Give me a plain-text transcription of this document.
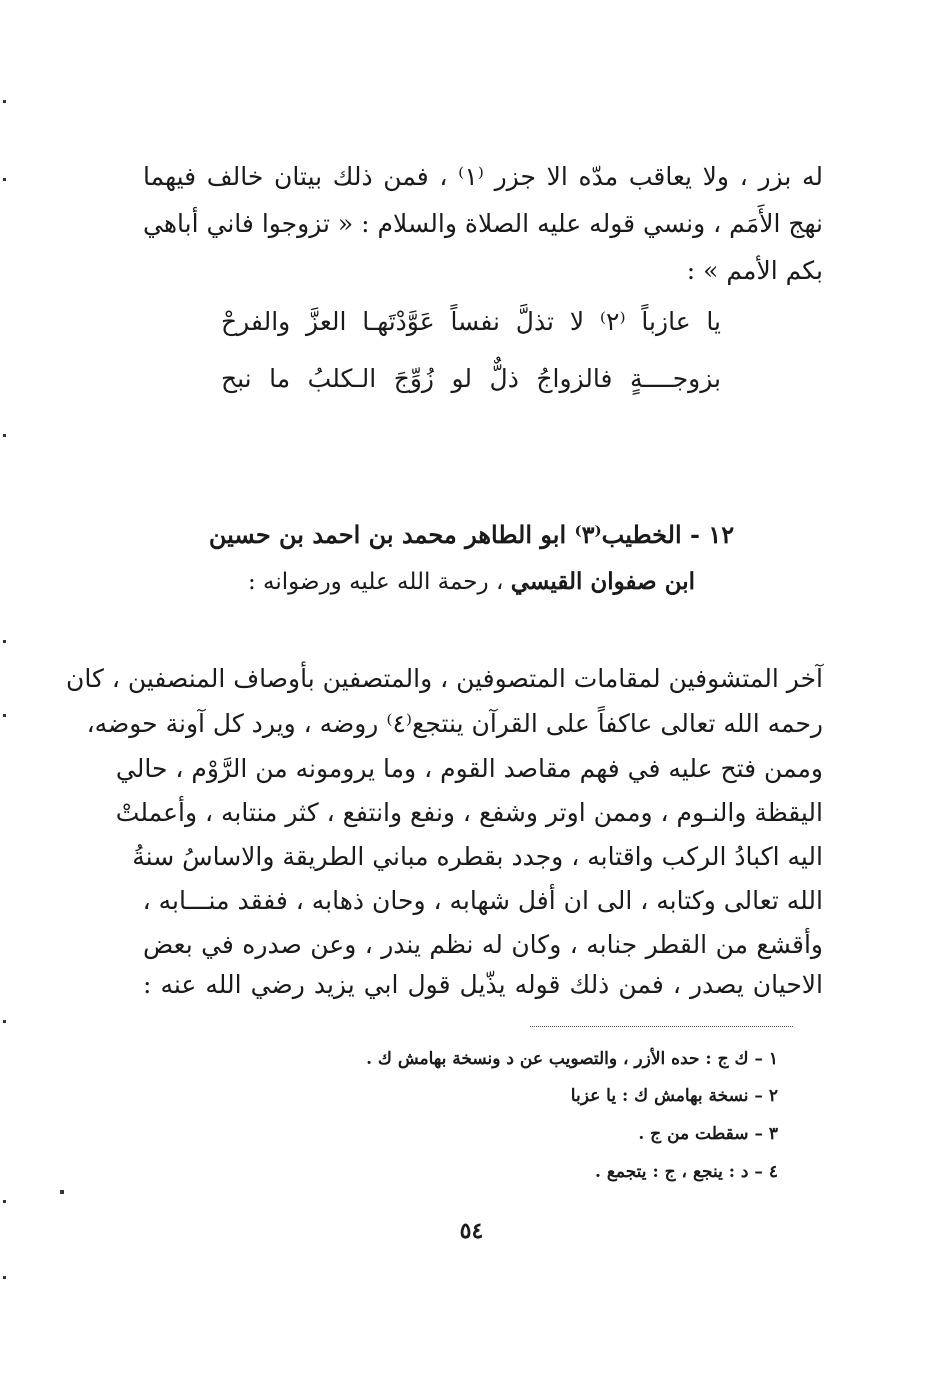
له بزر ، ولا يعاقب مدّه الا جزر ⁽١⁾ ، فمن ذلك بيتان خالف فيهما
نهج الأَمَم ، ونسي قوله عليه الصلاة والسلام : « تزوجوا فاني أباهي
بكم الأمم » :
يا عازباً ⁽٢⁾ لا تذلَّ نفساً عَوَّدْتَهـا العزَّ والفرحْ
بزوجــــةٍ فالزواجُ ذلٌّ لو زُوِّجَ الـكلبُ ما نبح
١٢ - الخطيب⁽٣⁾ ابو الطاهر محمد بن احمد بن حسين
ابن صفوان القيسي ، رحمة الله عليه ورضوانه :
آخر المتشوفين لمقامات المتصوفين ، والمتصفين بأوصاف المنصفين ، كان
رحمه الله تعالى عاكفاً على القرآن ينتجع⁽٤⁾ روضه ، ويرد كل آونة حوضه،
وممن فتح عليه في فهم مقاصد القوم ، وما يرومونه من الرَّوْم ، حالي
اليقظة والنـوم ، وممن اوتر وشفع ، ونفع وانتفع ، كثر منتابه ، وأعملتْ
اليه اكبادُ الركب واقتابه ، وجدد بقطره مباني الطريقة والاساسُ سنةُ
الله تعالى وكتابه ، الى ان أفل شهابه ، وحان ذهابه ، ففقد منـــابه ،
وأقشع من القطر جنابه ، وكان له نظم يندر ، وعن صدره في بعض
الاحيان يصدر ، فمن ذلك قوله يذّيل قول ابي يزيد رضي الله عنه :
١ – ك ج : حده الأزر ، والتصويب عن د ونسخة بهامش ك .
٢ – نسخة بهامش ك : يا عزبا
٣ – سقطت من ج .
٤ – د : ينجع ، ج : يتجمع .
٥٤
